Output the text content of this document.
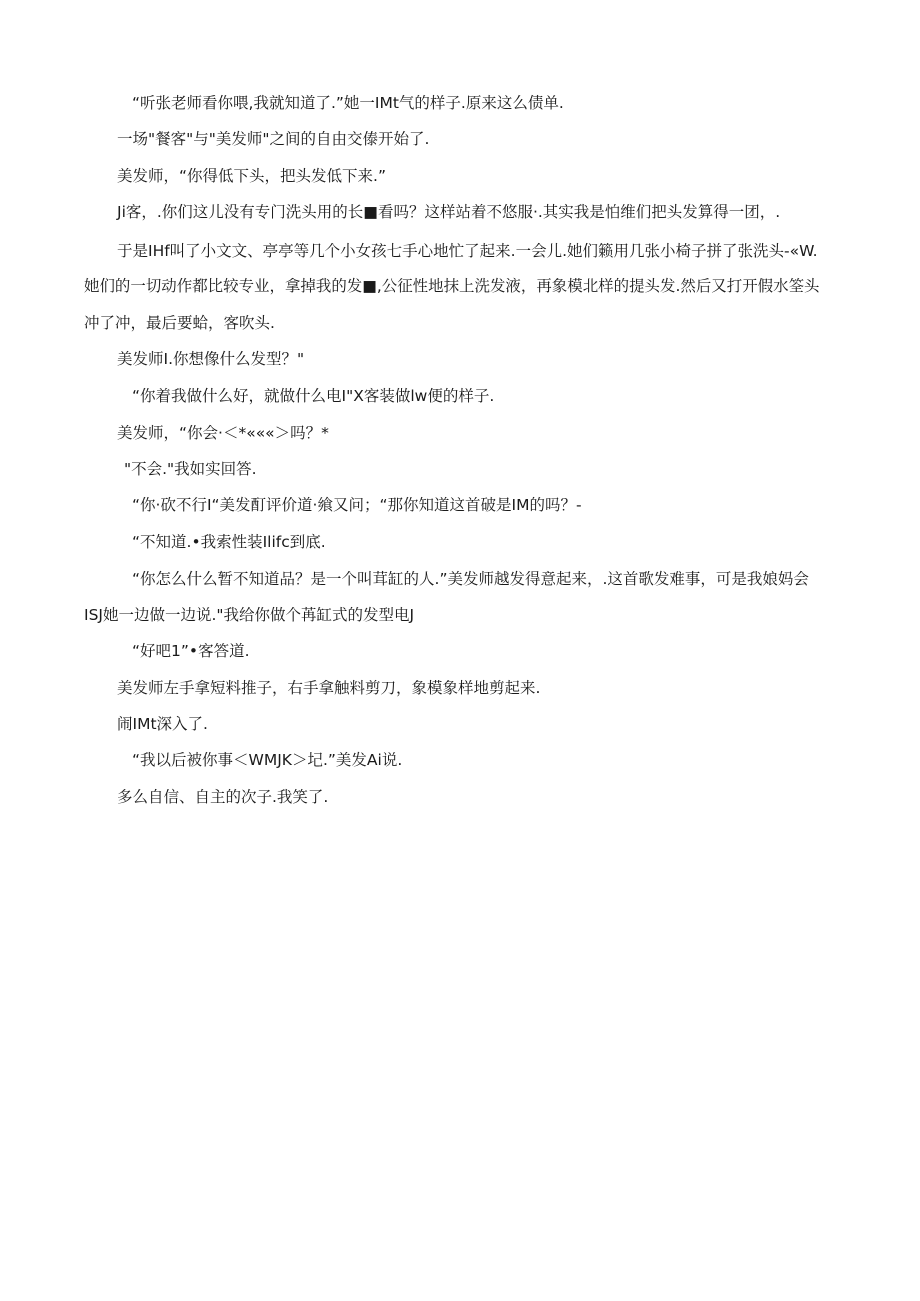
“听张老师看你喂,我就知道了.”她一IMt气的样子.原来这么债单.

一场"餐客"与"美发师"之间的自由交傣开始了.

美发师，“你得低下头，把头发低下来.”

Ji客，.你们这儿没有专门洗头用的长■看吗？这样站着不悠服·.其实我是怕维们把头发算得一团，.

于是IHf叫了小文文、亭亭等几个小女孩七手心地忙了起来.一会儿.她们籁用几张小椅子拼了张洗头-«W.
她们的一切动作都比较专业，拿掉我的发■,公征性地抹上洗发液，再象模北样的提头发.然后又打开假水筌头
冲了冲，最后要蛤，客吹头.

美发师I.你想像什么发型？"

“你着我做什么好，就做什么电I"X客装做lw便的样子.

美发师，“你会·＜*«««＞吗？*

"不会."我如实回答.

“你·砍不行I“美发酊评价道·飨又问；“那你知道这首破是IM的吗？-

“不知道.•我索性装Ilifc到底.

“你怎么什么暂不知道品？是一个叫茸缸的人.”美发师越发得意起来，.这首歌发难事，可是我娘妈会
ISJ她一边做一边说."我给你做个苒缸式的发型电J

“好吧1”•客答道.

美发师左手拿短料推子，右手拿触料剪刀，象模象样地剪起来.

闹IMt深入了.

“我以后被你事＜WMJK＞圮.”美发Ai说.

多么自信、自主的次子.我笑了.
